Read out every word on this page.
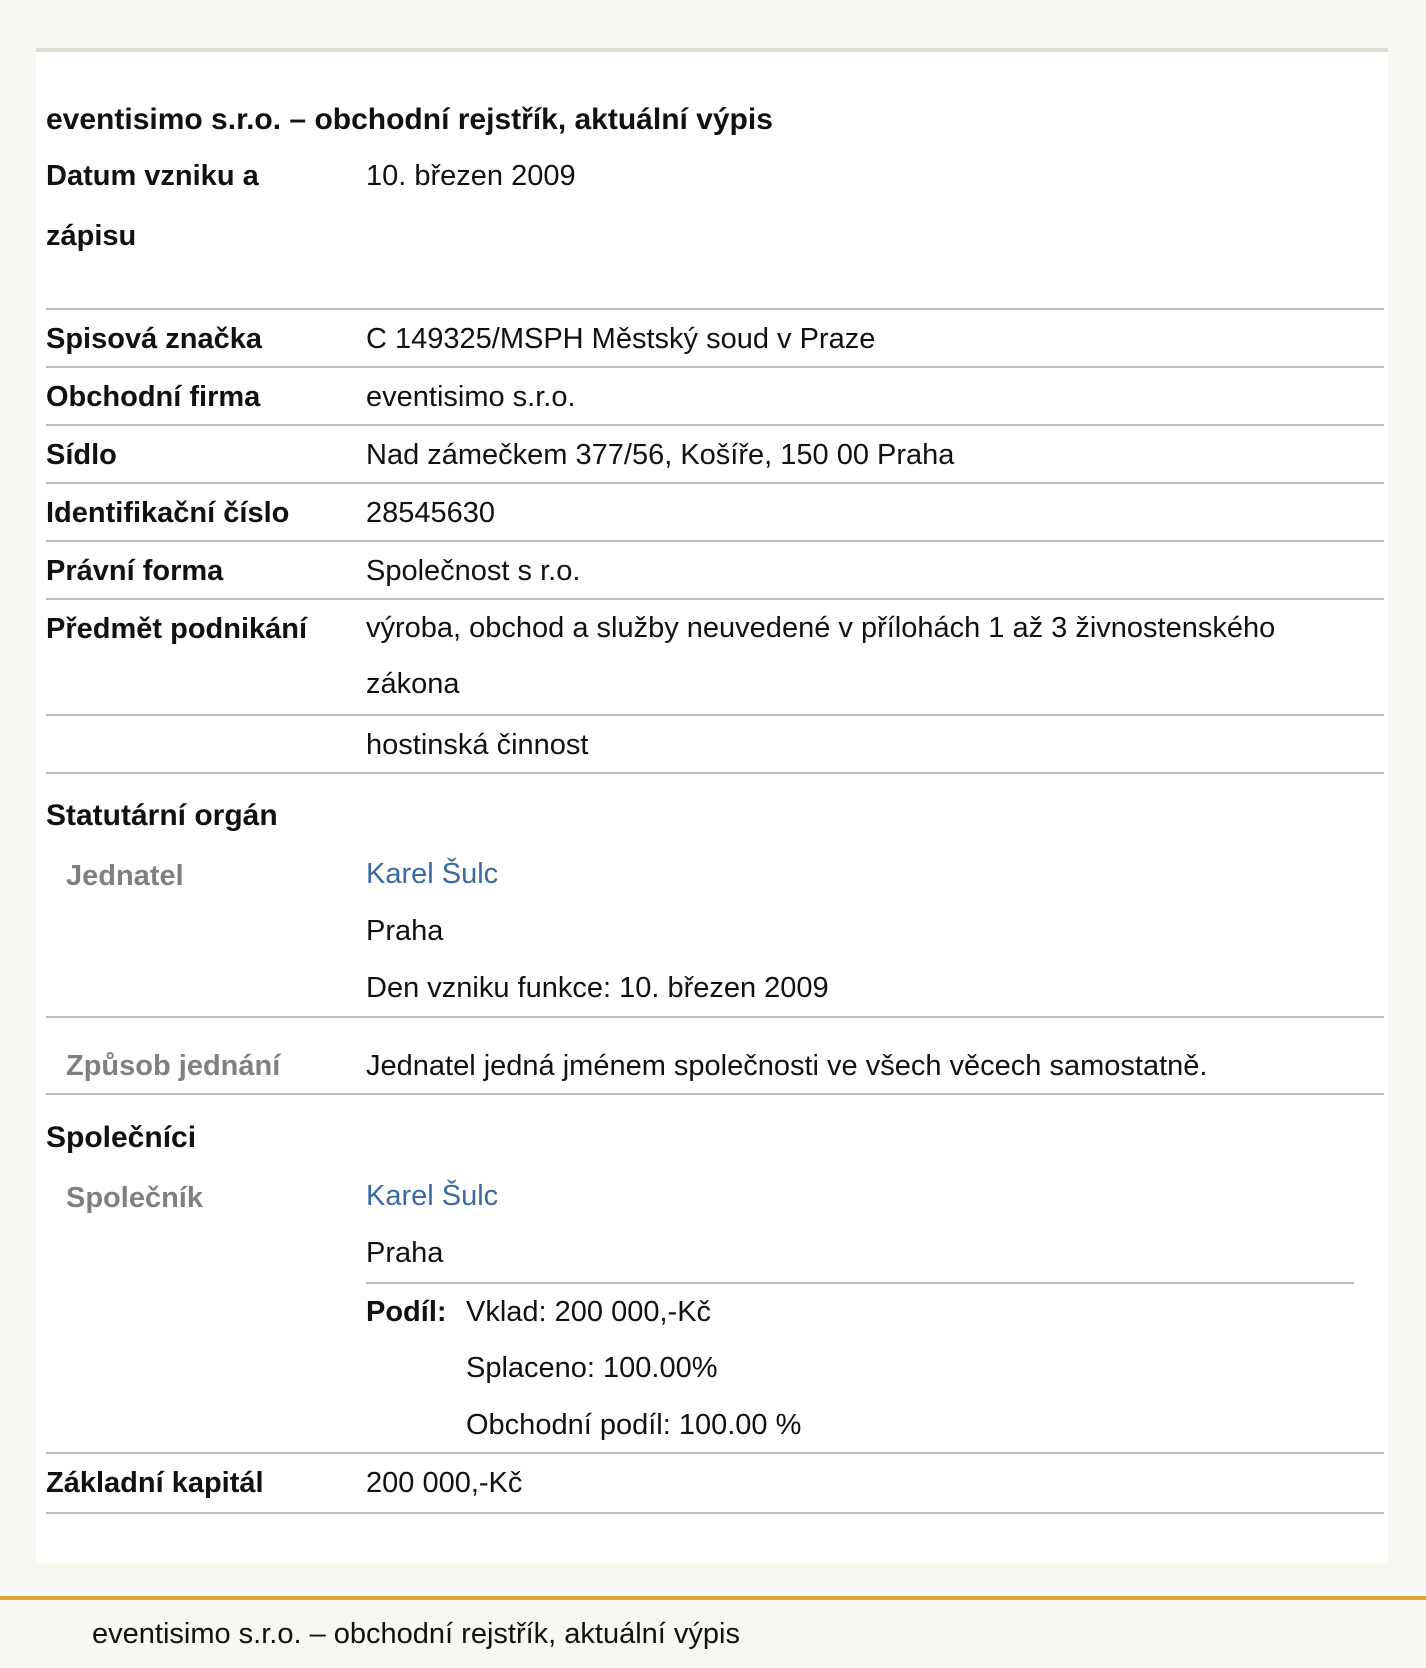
eventisimo s.r.o. – obchodní rejstřík, aktuální výpis
Datum vzniku a zápisu
10. březen 2009
Spisová značka	C 149325/MSPH Městský soud v Praze
Obchodní firma	eventisimo s.r.o.
Sídlo	Nad zámečkem 377/56, Košíře, 150 00 Praha
Identifikační číslo	28545630
Právní forma	Společnost s r.o.
Předmět podnikání	výroba, obchod a služby neuvedené v přílohách 1 až 3 živnostenského zákona
hostinská činnost
Statutární orgán
Jednatel	Karel Šulc
Praha
Den vzniku funkce: 10. březen 2009
Způsob jednání	Jednatel jedná jménem společnosti ve všech věcech samostatně.
Společníci
Společník	Karel Šulc
Praha
Podíl: Vklad: 200 000,-Kč
Splaceno: 100.00%
Obchodní podíl: 100.00 %
Základní kapitál	200 000,-Kč
eventisimo s.r.o. – obchodní rejstřík, aktuální výpis
